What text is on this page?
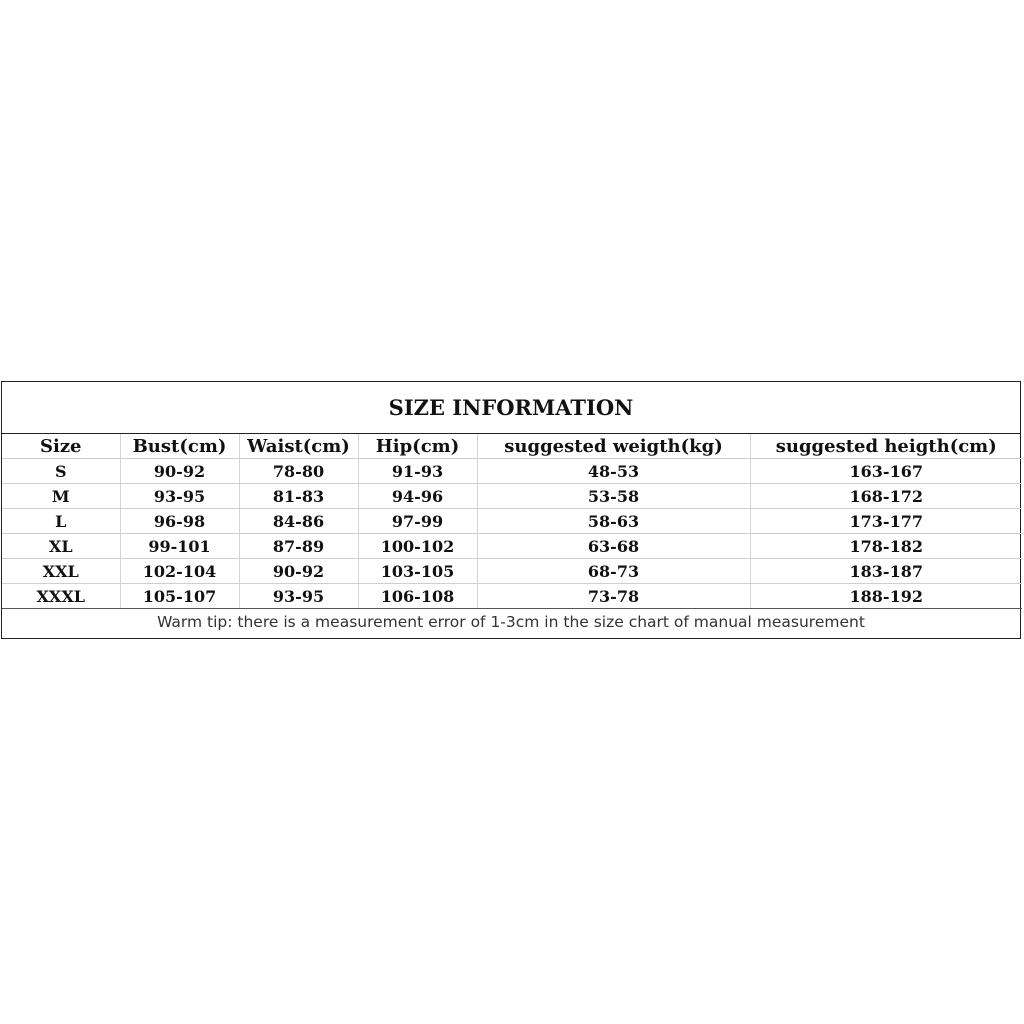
SIZE INFORMATION
Size	Bust(cm)	Waist(cm)	Hip(cm)	suggested weigth(kg)	suggested heigth(cm)
S	90-92	78-80	91-93	48-53	163-167
M	93-95	81-83	94-96	53-58	168-172
L	96-98	84-86	97-99	58-63	173-177
XL	99-101	87-89	100-102	63-68	178-182
XXL	102-104	90-92	103-105	68-73	183-187
XXXL	105-107	93-95	106-108	73-78	188-192
Warm tip: there is a measurement error of 1-3cm in the size chart of manual measurement
